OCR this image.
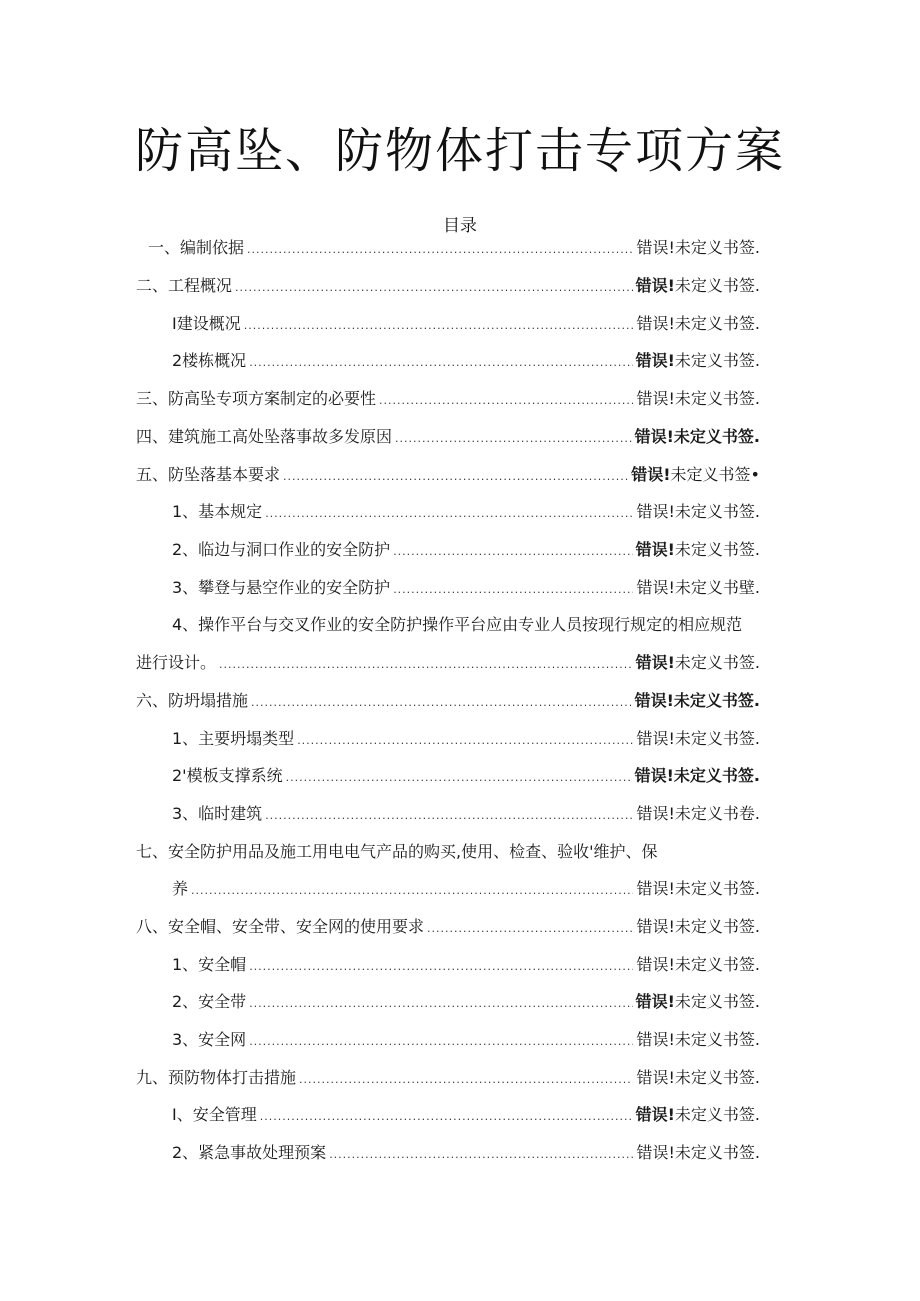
防高坠、防物体打击专项方案
目录
一、编制依据 .....	错误!未定义书签.
二、工程概况 .....	错误!未定义书签.
I建设概况 .....	错误!未定义书签.
2楼栋概况 .....	错误!未定义书签.
三、防高坠专项方案制定的必要性 .....	错误!未定义书签.
四、建筑施工高处坠落事故多发原因 .....	错误!未定义书签.
五、防坠落基本要求 .....	错误!未定义书签•
1、基本规定 .....	错误!未定义书签.
2、临边与洞口作业的安全防护 .....	错误!未定义书签.
3、攀登与悬空作业的安全防护 .....	错误!未定义书壁.
4、操作平台与交叉作业的安全防护操作平台应由专业人员按现行规定的相应规范
进行设计。 .....	错误!未定义书签.
六、防坍塌措施 .....	错误!未定义书签.
1、主要坍塌类型 .....	错误!未定义书签.
2'模板支撑系统 .....	错误!未定义书签.
3、临时建筑 .....	错误!未定义书卷.
七、安全防护用品及施工用电电气产品的购买,使用、检查、验收'维护、保
养 .....	错误!未定义书签.
八、安全帽、安全带、安全网的使用要求 .....	错误!未定义书签.
1、安全帽 .....	错误!未定义书签.
2、安全带 .....	错误!未定义书签.
3、安全网 .....	错误!未定义书签.
九、预防物体打击措施 .....	错误!未定义书签.
I、安全管理 .....	错误!未定义书签.
2、紧急事故处理预案 .....	错误!未定义书签.
